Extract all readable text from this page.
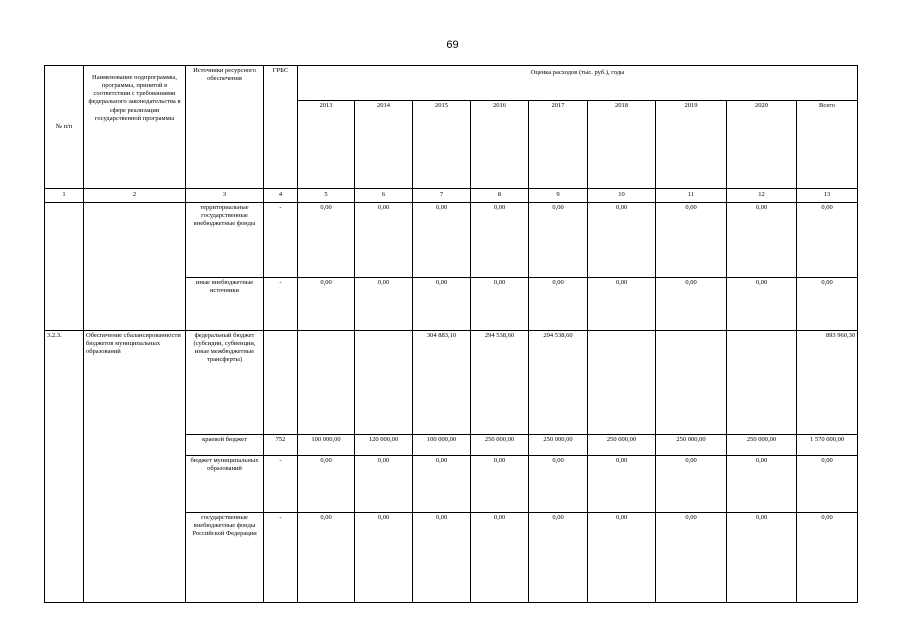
69
№ п/п	Наименование подпрограммы, программы, принятой в соответствии с требованиями федерального законодательства в сфере реализации государственной программы	Источники ресурсного обеспечения	ГРБС	Оценка расходов (тыс. руб.), годы								
				2013	2014	2015	2016	2017	2018	2019	2020	Всего
1	2	3	4	5	6	7	8	9	10	11	12	13
		территориальные государственные внебюджетные фонды	-	0,00	0,00	0,00	0,00	0,00	0,00	0,00	0,00	0,00
		иные внебюджетные источники	-	0,00	0,00	0,00	0,00	0,00	0,00	0,00	0,00	0,00
3.2.3.	Обеспечение сбалансированности бюджетов муниципальных образований	федеральный бюджет (субсидии, субвенции, иные межбюджетные трансферты)				304 883,10	294 538,60	294 538,60				893 960,30
		краевой бюджет	752	100 000,00	120 000,00	100 000,00	250 000,00	250 000,00	250 000,00	250 000,00	250 000,00	1 570 000,00
		бюджет муниципальных образований	-	0,00	0,00	0,00	0,00	0,00	0,00	0,00	0,00	0,00
		государственные внебюджетные фонды Российской Федерации	-	0,00	0,00	0,00	0,00	0,00	0,00	0,00	0,00	0,00
